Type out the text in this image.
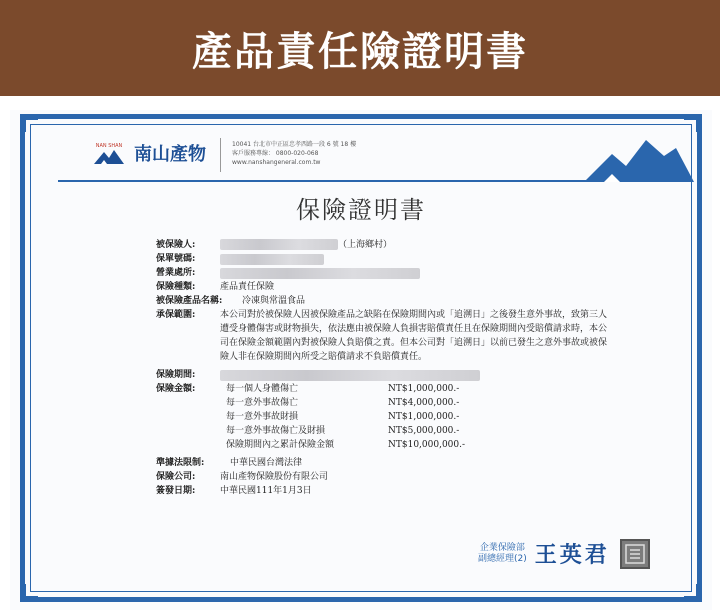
產品責任險證明書
NAN SHAN 南山產物	10041 台北市中正區忠孝西路一段 6 號 18 樓
客戶服務專線： 0800-020-068
www.nanshangeneral.com.tw
保險證明書
被保險人:	（上海鄉村）
保單號碼:
營業處所:
保險種類:	產品責任保險
被保險產品名稱:	冷凍與常溫食品
承保範圍:	本公司對於被保險人因被保險產品之缺陷在保險期間內或「追溯日」之後發生意外事故，致第三人遭受身體傷害或財物損失，依法應由被保險人負損害賠償責任且在保險期間內受賠償請求時，本公司在保險金額範圍內對被保險人負賠償之責。但本公司對「追溯日」以前已發生之意外事故或被保險人非在保險期間內所受之賠償請求不負賠償責任。
保險期間:
保險金額:	每一個人身體傷亡	NT$1,000,000.-
每一意外事故傷亡	NT$4,000,000.-
每一意外事故財損	NT$1,000,000.-
每一意外事故傷亡及財損	NT$5,000,000.-
保險期間內之累計保險金額	NT$10,000,000.-
準據法限制:	中華民國台灣法律
保險公司:	南山產物保險股份有限公司
簽發日期:	中華民國111年1月3日
企業保險部
副總經理(2) 王英君
